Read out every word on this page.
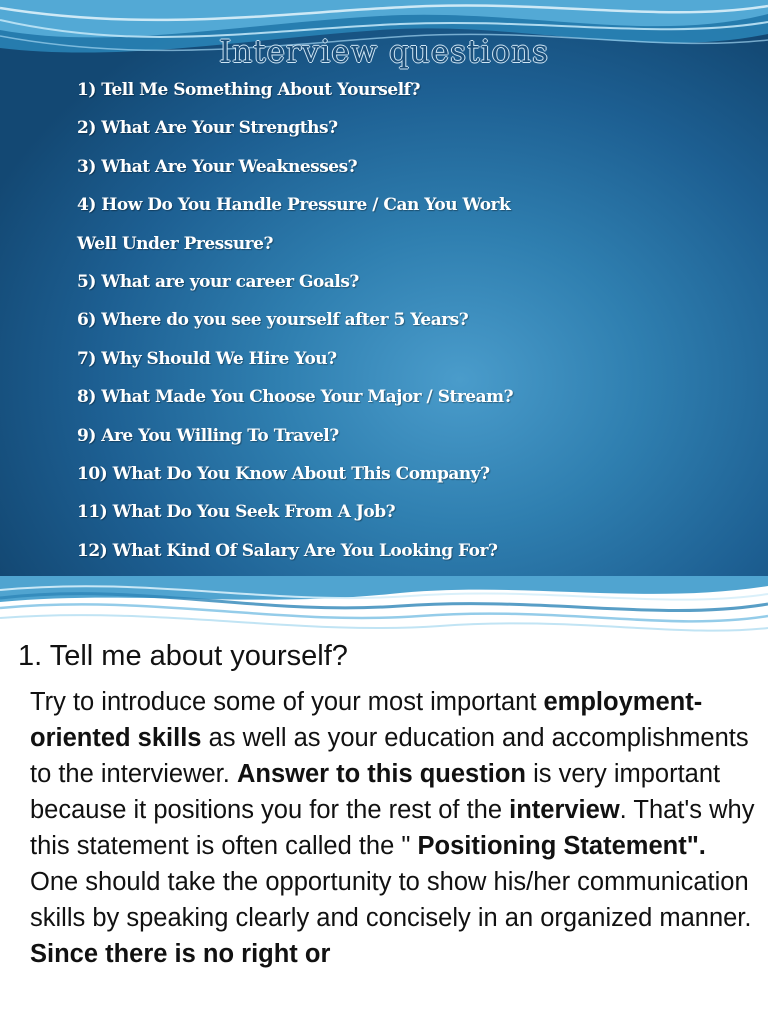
Interview questions
1) Tell Me Something About Yourself?
2) What Are Your Strengths?
3) What Are Your Weaknesses?
4) How Do You Handle Pressure / Can You Work
Well Under Pressure?
5) What are your career Goals?
6) Where do you see yourself after 5 Years?
7) Why Should We Hire You?
8) What Made You Choose Your Major / Stream?
9) Are You Willing To Travel?
10) What Do You Know About This Company?
11) What Do You Seek From A Job?
12) What Kind Of Salary Are You Looking For?
1. Tell me about yourself?

Try to introduce some of your most important employment-oriented skills as well as your education and accomplishments to the interviewer. Answer to this question is very important because it positions you for the rest of the interview. That's why this statement is often called the " Positioning Statement".

One should take the opportunity to show his/her communication skills by speaking clearly and concisely in an organized manner. Since there is no right or
